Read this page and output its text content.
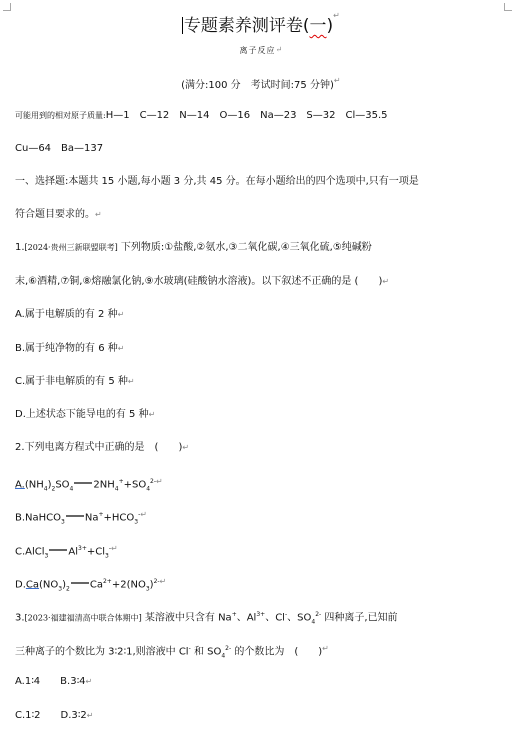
专题素养测评卷(一)
↵
离子反应 ↵
(满分:100 分　考试时间:75 分钟) ↵
可能用到的相对原子质量:H—1　C—12　N—14　O—16　Na—23　S—32　Cl—35.5
Cu—64　Ba—137
一、选择题:本题共 15 小题,每小题 3 分,共 45 分。在每小题给出的四个选项中,只有一项是
符合题目要求的。 ↵
1.[2024·贵州三新联盟联考] 下列物质:①盐酸,②氨水,③二氧化碳,④三氧化硫,⑤纯碱粉
末,⑥酒精,⑦铜,⑧熔融氯化钠,⑨水玻璃(硅酸钠水溶液)。以下叙述不正确的是 (　　) ↵
A.属于电解质的有 2 种 ↵
B.属于纯净物的有 6 种 ↵
C.属于非电解质的有 5 种 ↵
D.上述状态下能导电的有 5 种 ↵
2.下列电离方程式中正确的是　(　　) ↵
$A.(NH_4)_2SO_4$ $2NH_4^++SO_4^{2-}$ ↵
B.NaHCO$_3$ $Na^++HCO_3^-$ ↵
C.AlCl$_3$ $Al^{3+}+Cl_3^-$ ↵
$D.Ca(NO_3)_2$ $Ca^{2+}+2(NO_3)^{2-}$ ↵
3.[2023·福建福清高中联合体期中] 某溶液中只含有 Na+、$Al^{3+}$、Cl-、$SO_4^{2-}$ 四种离子,已知前
三种离子的个数比为 3∶2∶1,则溶液中 Cl- 和 $SO_4^{2-}$ 的个数比为　(　　) ↵
A.1∶4 B.3∶4 ↵
C.1∶2 D.3∶2 ↵
